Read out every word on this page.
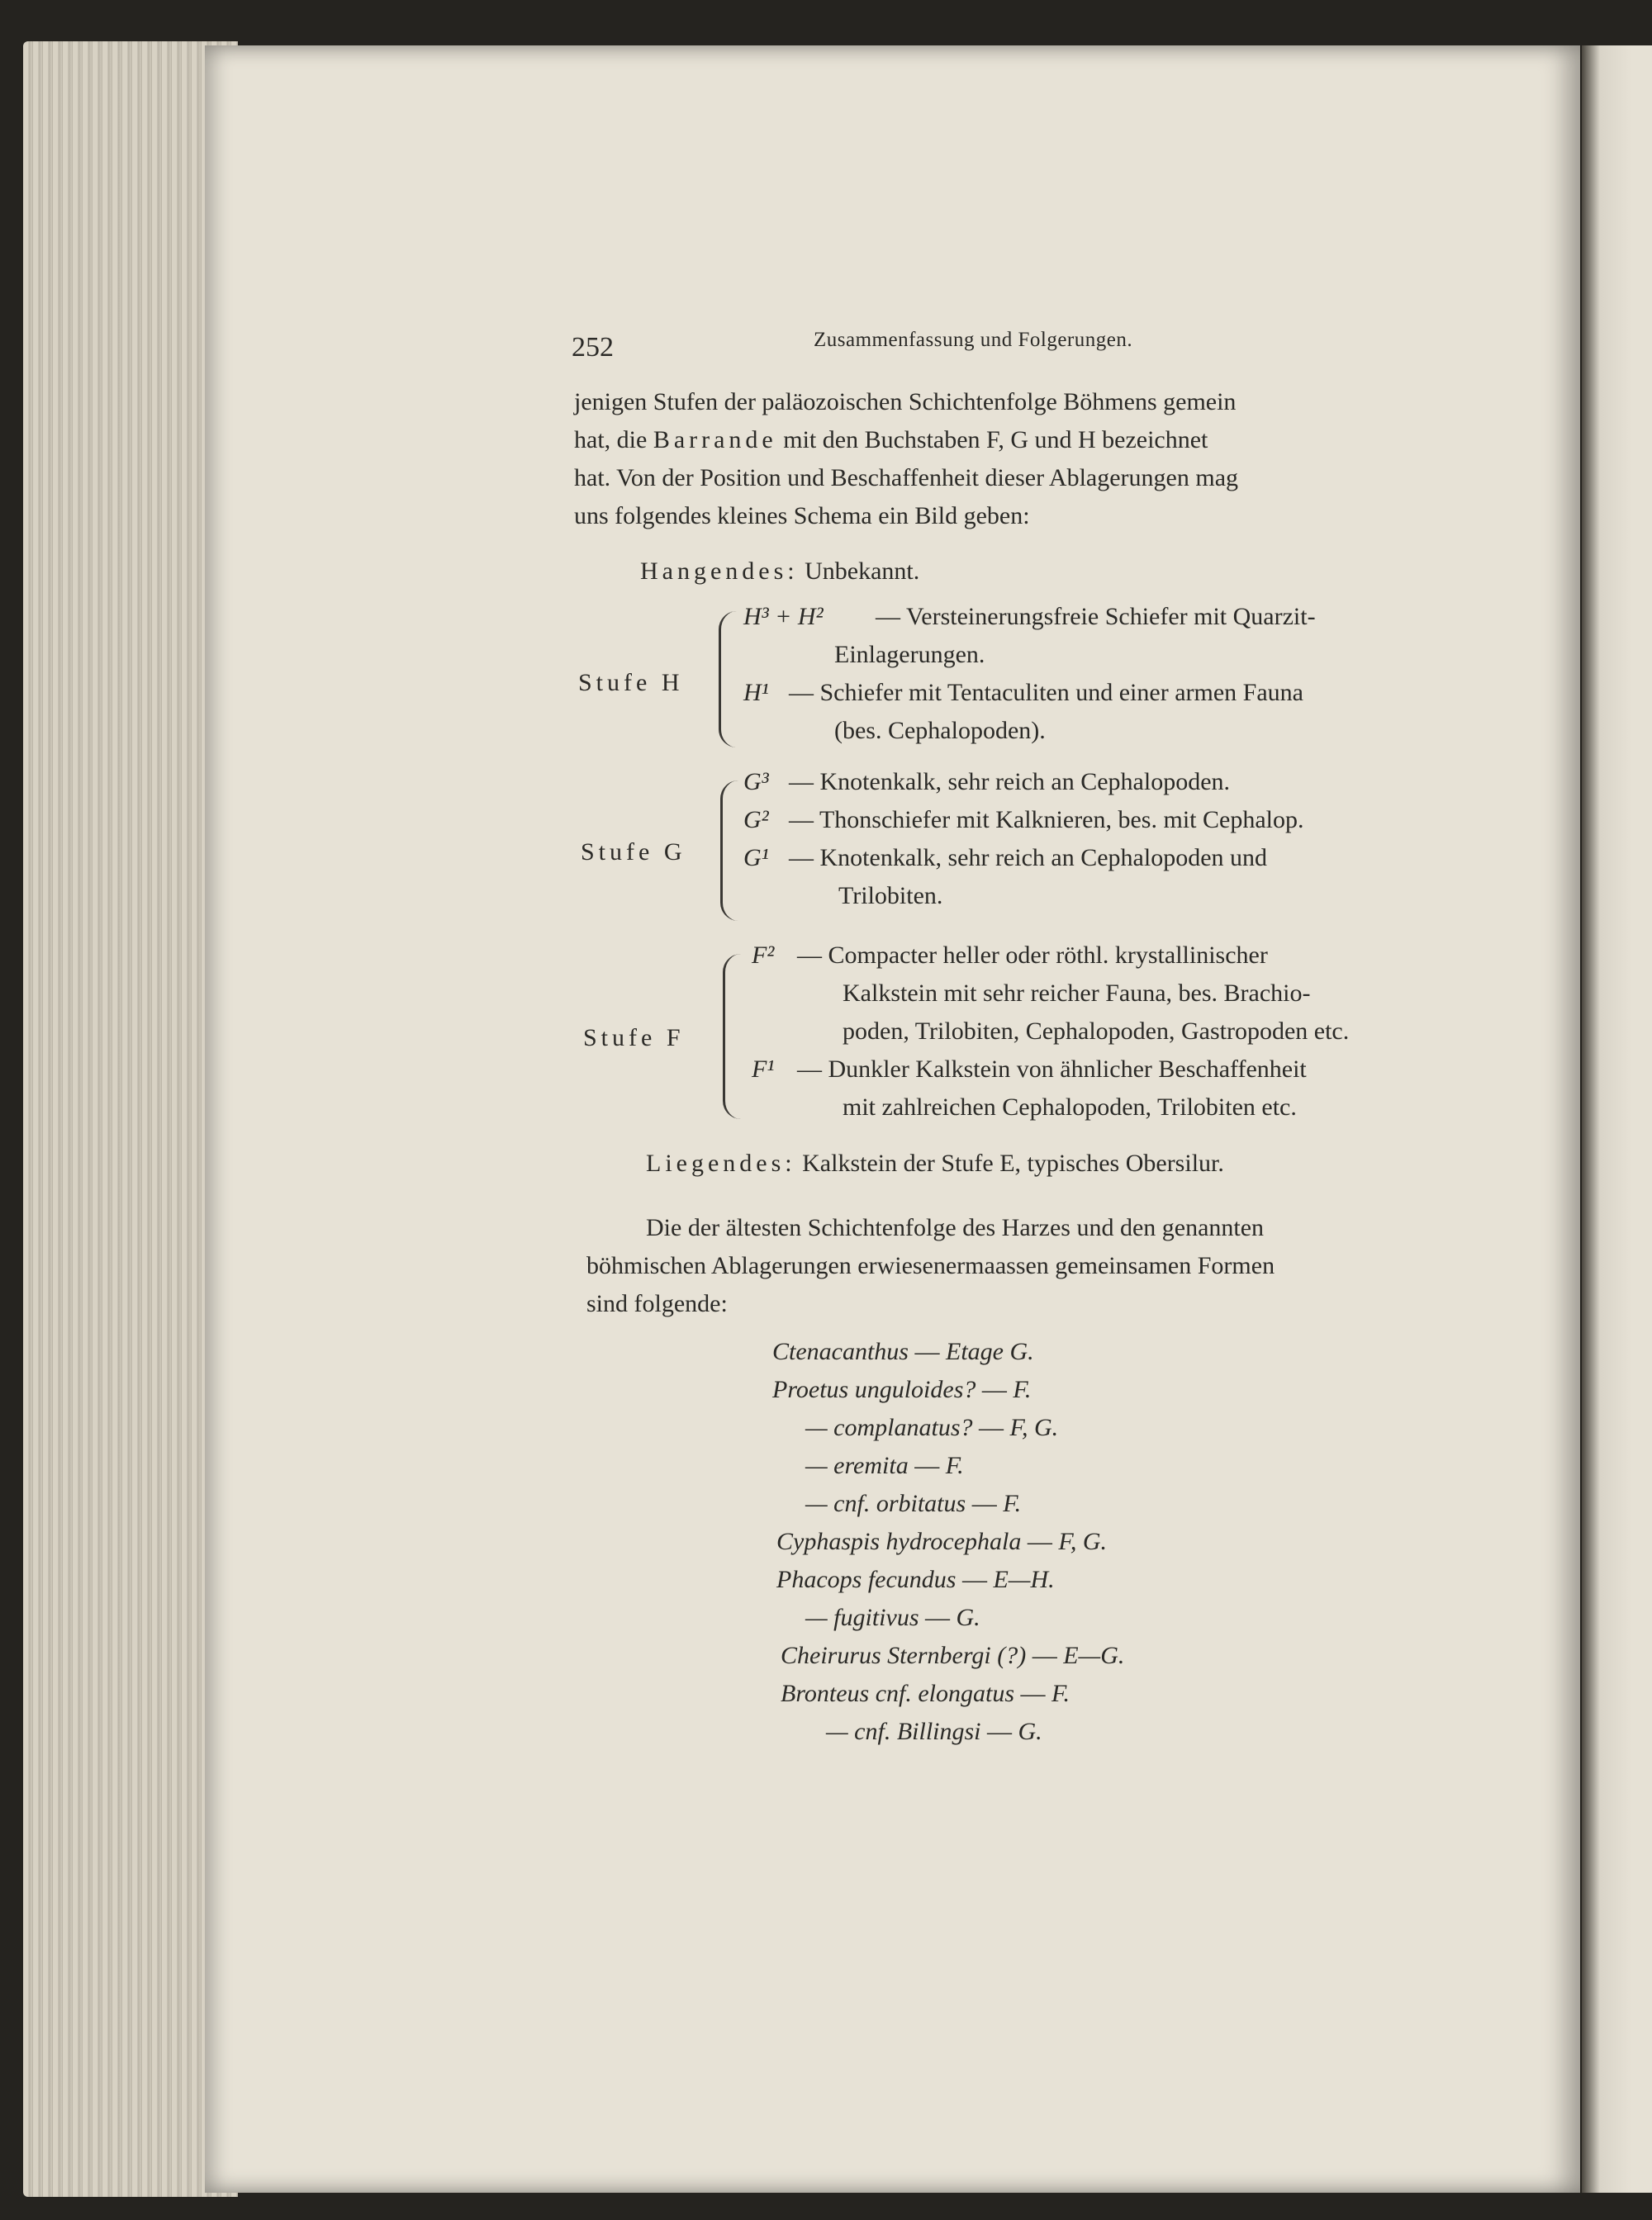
252	Zusammenfassung und Folgerungen.
jenigen Stufen der paläozoischen Schichtenfolge Böhmens gemein
hat, die Barrande mit den Buchstaben F, G und H bezeichnet
hat. Von der Position und Beschaffenheit dieser Ablagerungen mag
uns folgendes kleines Schema ein Bild geben:
Hangendes: Unbekannt.
Stufe H
H³ + H² — Versteinerungsfreie Schiefer mit Quarzit-
Einlagerungen.
H¹ — Schiefer mit Tentaculiten und einer armen Fauna
(bes. Cephalopoden).
Stufe G
G³ — Knotenkalk, sehr reich an Cephalopoden.
G² — Thonschiefer mit Kalknieren, bes. mit Cephalop.
G¹ — Knotenkalk, sehr reich an Cephalopoden und
Trilobiten.
Stufe F
F² — Compacter heller oder röthl. krystallinischer
Kalkstein mit sehr reicher Fauna, bes. Brachio-
poden, Trilobiten, Cephalopoden, Gastropoden etc.
F¹ — Dunkler Kalkstein von ähnlicher Beschaffenheit
mit zahlreichen Cephalopoden, Trilobiten etc.
Liegendes: Kalkstein der Stufe E, typisches Obersilur.
Die der ältesten Schichtenfolge des Harzes und den genannten
böhmischen Ablagerungen erwiesenermaassen gemeinsamen Formen
sind folgende:
Ctenacanthus — Etage G.
Proetus unguloides? — F.
— complanatus? — F, G.
— eremita — F.
— cnf. orbitatus — F.
Cyphaspis hydrocephala — F, G.
Phacops fecundus — E—H.
— fugitivus — G.
Cheirurus Sternbergi (?) — E—G.
Bronteus cnf. elongatus — F.
— cnf. Billingsi — G.
